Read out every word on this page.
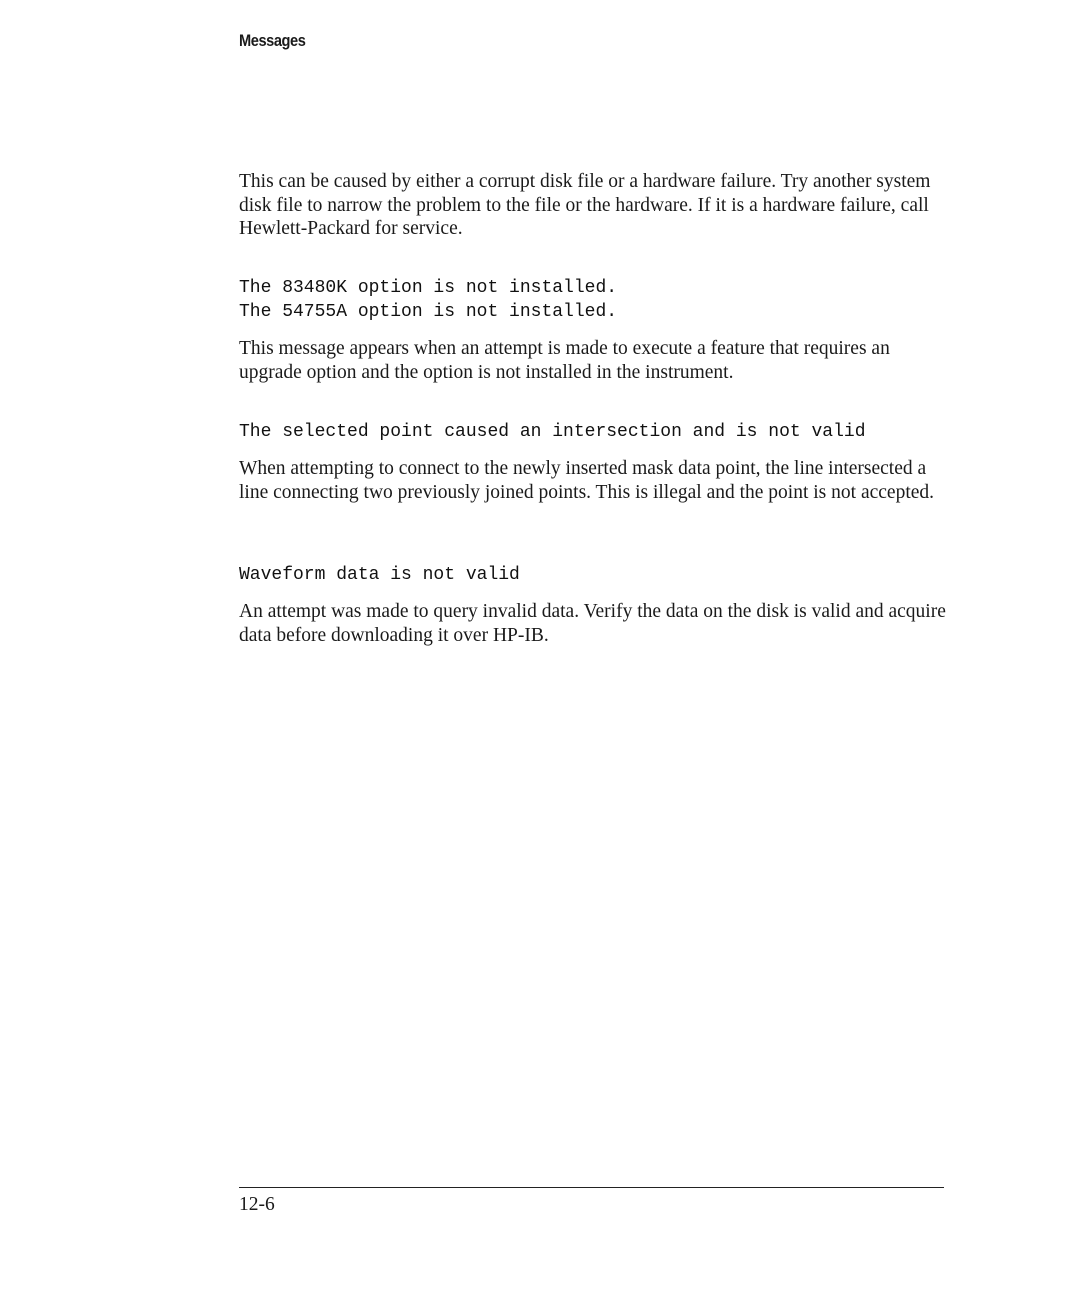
Messages

This can be caused by either a corrupt disk file or a hardware failure. Try another system disk file to narrow the problem to the file or the hardware. If it is a hardware failure, call Hewlett-Packard for service.

The 83480K option is not installed.

The 54755A option is not installed.

This message appears when an attempt is made to execute a feature that requires an upgrade option and the option is not installed in the instrument.

The selected point caused an intersection and is not valid

When attempting to connect to the newly inserted mask data point, the line intersected a line connecting two previously joined points. This is illegal and the point is not accepted.

Waveform data is not valid

An attempt was made to query invalid data. Verify the data on the disk is valid and acquire data before downloading it over HP-IB.

12-6
